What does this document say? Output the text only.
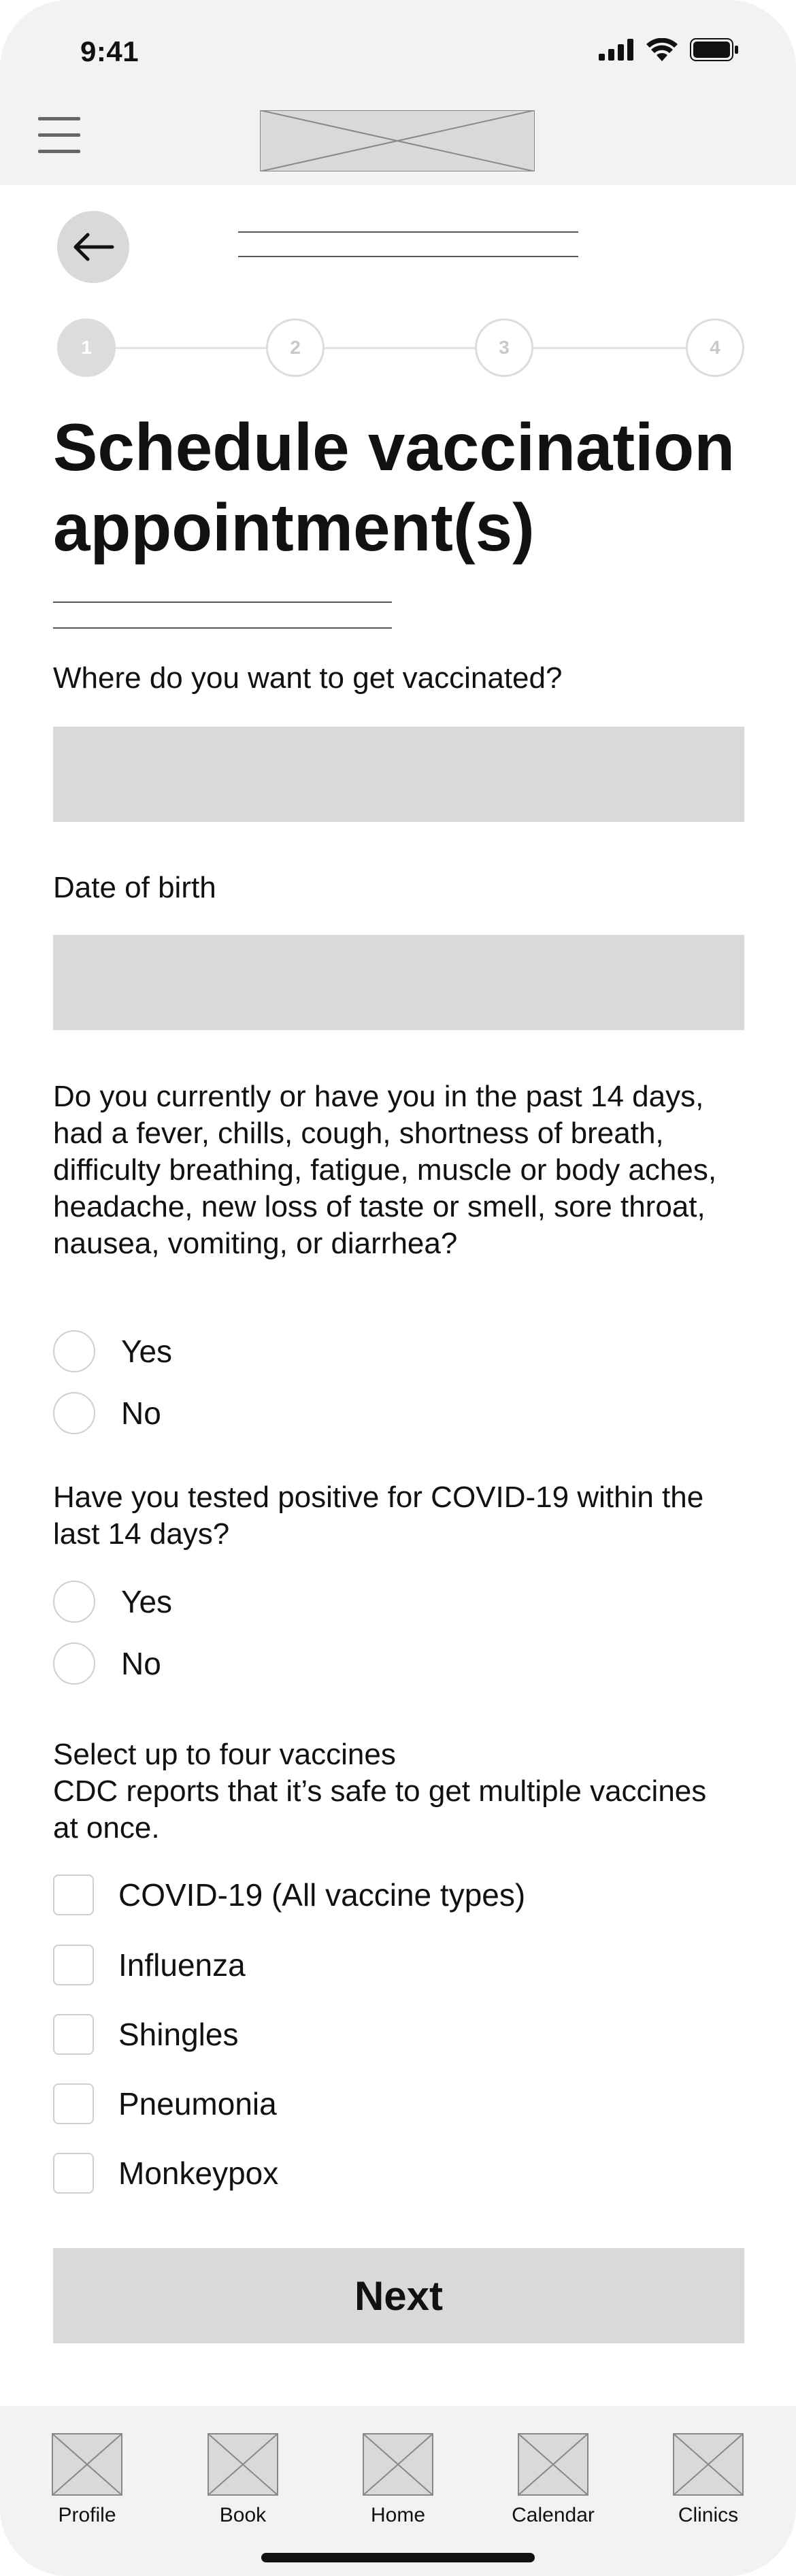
9:41
1	2	3	4
Schedule vaccination appointment(s)
Where do you want to get vaccinated?
Date of birth

Do you currently or have you in the past 14 days, had a fever, chills, cough, shortness of breath, difficulty breathing, fatigue, muscle or body aches, headache, new loss of taste or smell, sore throat, nausea, vomiting, or diarrhea?

Yes
No

Have you tested positive for COVID-19 within the last 14 days?

Yes
No

Select up to four vaccines

CDC reports that it’s safe to get multiple vaccines at once.

COVID-19 (All vaccine types)
Influenza
Shingles
Pneumonia
Monkeypox
Next
Profile	Book	Home	Calendar	Clinics
